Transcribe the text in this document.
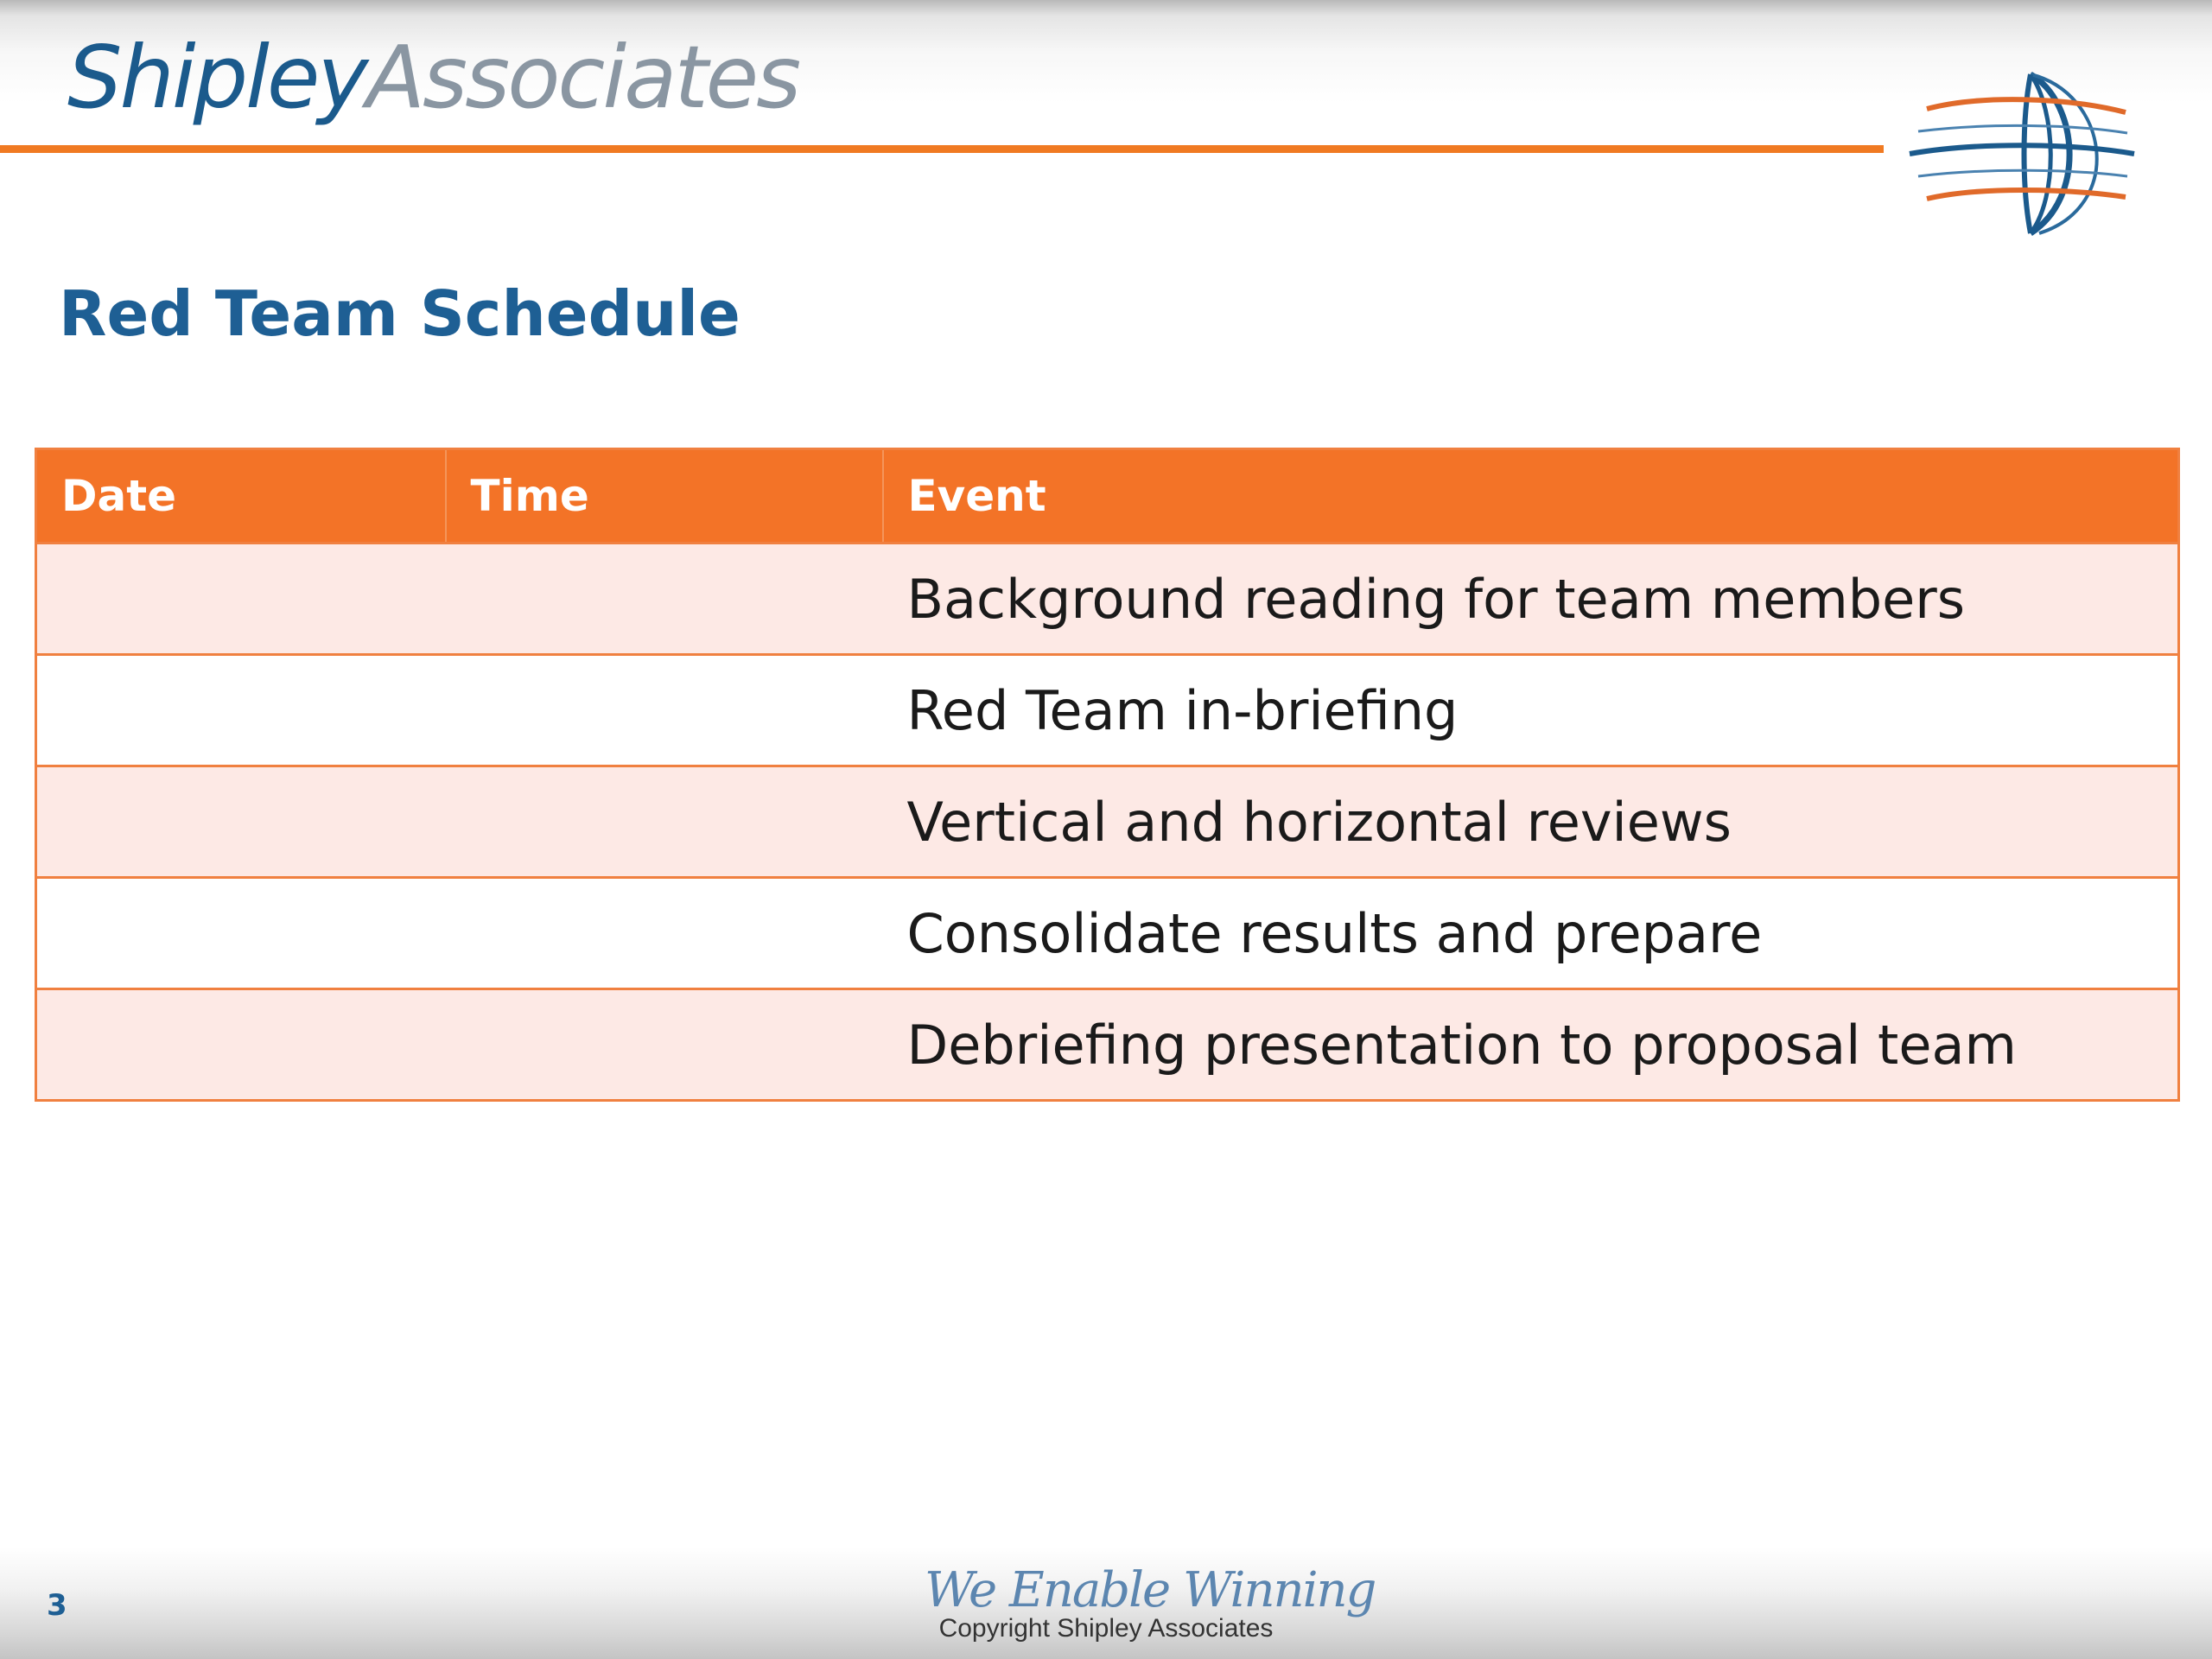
ShipleyAssociates
Red Team Schedule
Date	Time	Event
		Background reading for team members
		Red Team in-briefing
		Vertical and horizontal reviews
		Consolidate results and prepare
		Debriefing presentation to proposal team
3	We Enable Winning
Copyright Shipley Associates
